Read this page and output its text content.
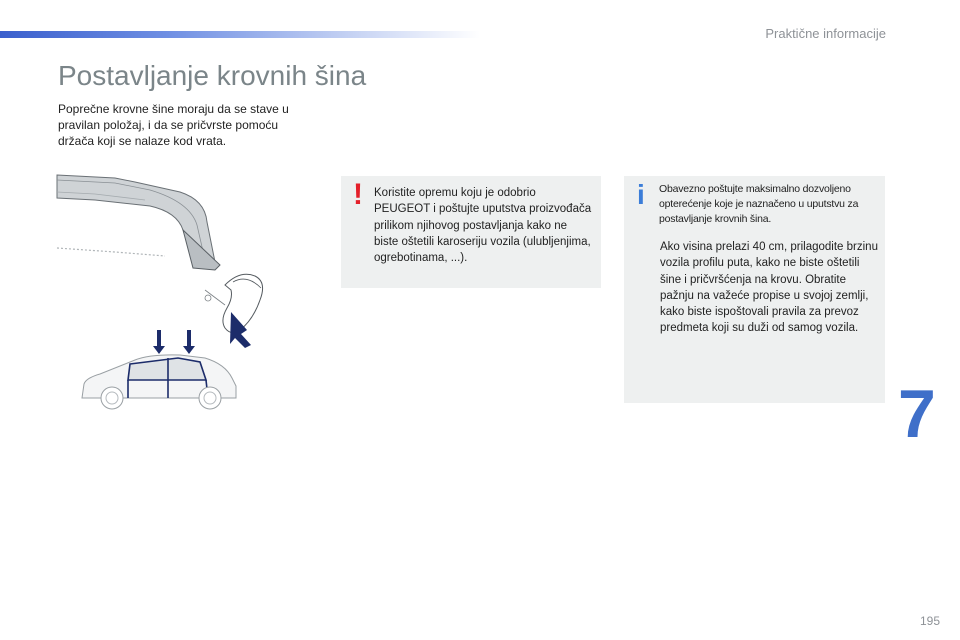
Praktične informacije
Postavljanje krovnih šina
Poprečne krovne šine moraju da se stave u pravilan položaj, i da se pričvrste pomoću držača koji se nalaze kod vrata.
! Koristite opremu koju je odobrio PEUGEOT i poštujte uputstva proizvođača prilikom njihovog postavljanja kako ne biste oštetili karoseriju vozila (ulubljenjima, ogrebotinama, ...).
i Obavezno poštujte maksimalno dozvoljeno opterećenje koje je naznačeno u uputstvu za postavljanje krovnih šina.
Ako visina prelazi 40 cm, prilagodite brzinu vozila profilu puta, kako ne biste oštetili šine i pričvršćenja na krovu. Obratite pažnju na važeće propise u svojoj zemlji, kako biste ispoštovali pravila za prevoz predmeta koji su duži od samog vozila.
7
195
